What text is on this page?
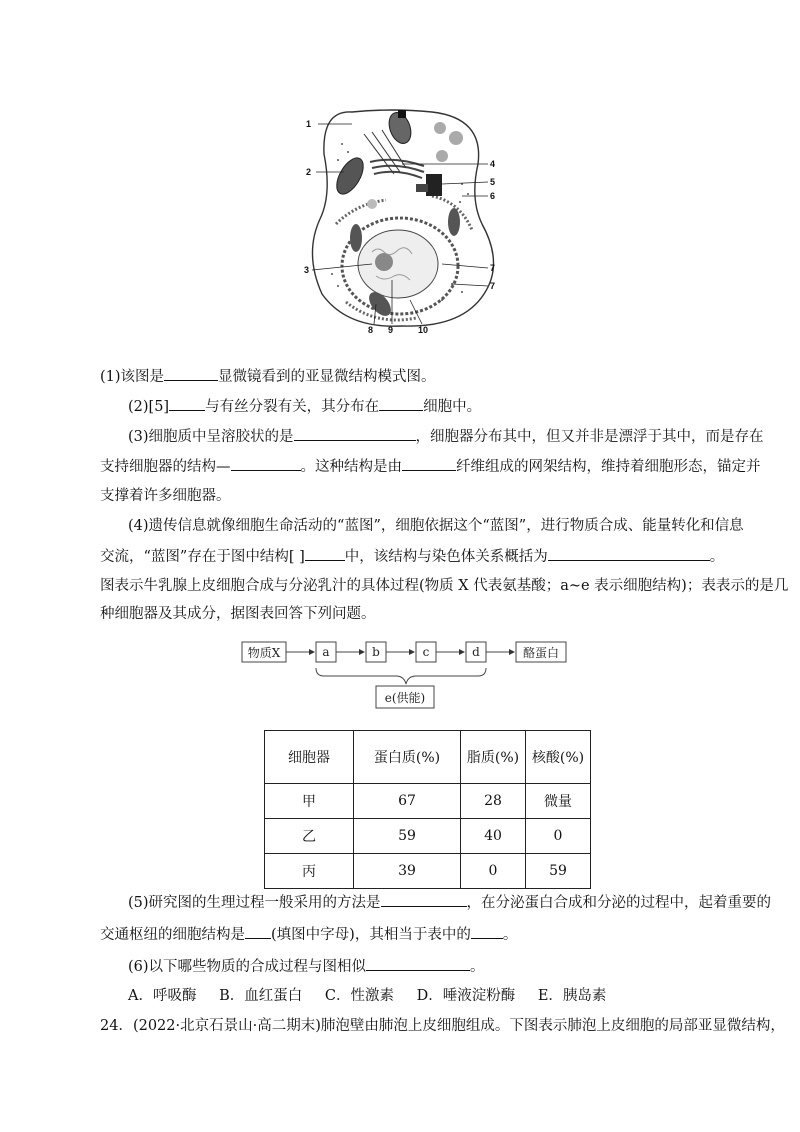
1
2
3
4
5
6
7
7
8 9	10
(1)该图是	显微镜看到的亚显微结构模式图。
(2)[5] 与有丝分裂有关，其分布在	细胞中。
(3)细胞质中呈溶胶状的是	，细胞器分布其中，但又并非是漂浮于其中，而是存在
支持细胞器的结构—	。这种结构是由	纤维组成的网架结构，维持着细胞形态，锚定并
支撑着许多细胞器。
(4)遗传信息就像细胞生命活动的“蓝图”，细胞依据这个“蓝图”，进行物质合成、能量转化和信息
交流，“蓝图”存在于图中结构[ ]	中，该结构与染色体关系概括为	。
图表示牛乳腺上皮细胞合成与分泌乳汁的具体过程(物质 X 代表氨基酸；a~e 表示细胞结构)；表表示的是几
种细胞器及其成分，据图表回答下列问题。
物质X	a	b	c	d	酪蛋白
e(供能)
细胞器	蛋白质(%)	脂质(%)	核酸(%)
甲	67	28	微量
乙	59	40	0
丙	39	0	59
(5)研究图的生理过程一般采用的方法是	，在分泌蛋白合成和分泌的过程中，起着重要的
交通枢纽的细胞结构是 (填图中字母)，其相当于表中的 。
(6)以下哪些物质的合成过程与图相似	。
A．呼吸酶 B．血红蛋白 C．性激素 D．唾液淀粉酶 E．胰岛素
24．(2022·北京石景山·高二期末)肺泡壁由肺泡上皮细胞组成。下图表示肺泡上皮细胞的局部亚显微结构，
